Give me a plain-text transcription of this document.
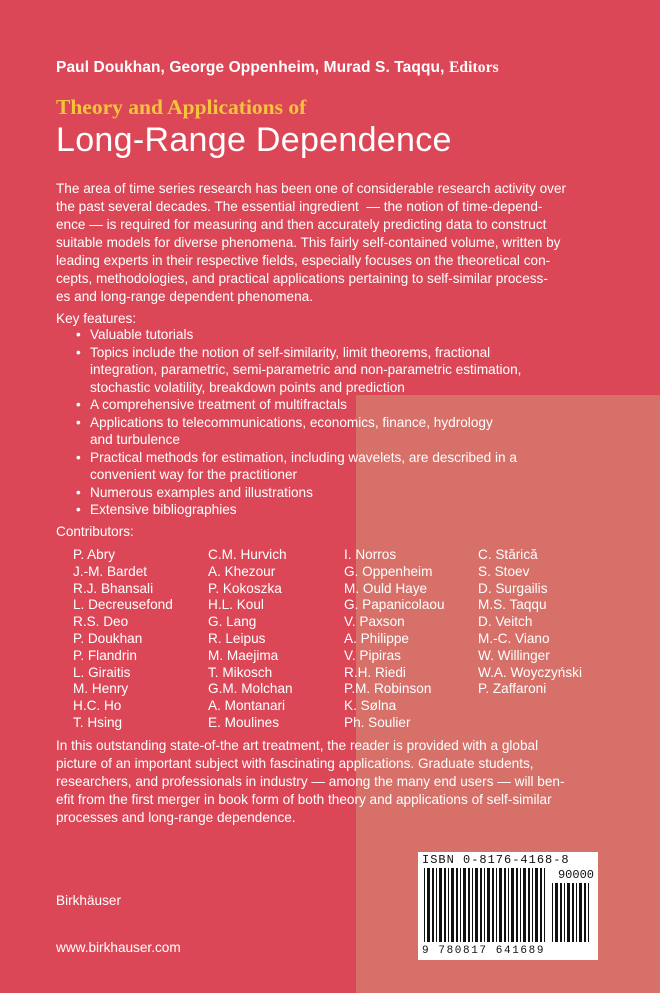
Paul Doukhan, George Oppenheim, Murad S. Taqqu, Editors
Theory and Applications of
Long-Range Dependence

The area of time series research has been one of considerable research activity over

the past several decades. The essential ingredient  — the notion of time-depend-

ence — is required for measuring and then accurately predicting data to construct

suitable models for diverse phenomena. This fairly self-contained volume, written by

leading experts in their respective fields, especially focuses on the theoretical con-

cepts, methodologies, and practical applications pertaining to self-similar process-

es and long-range dependent phenomena.

Key features:
• Valuable tutorials
• Topics include the notion of self-similarity, limit theorems, fractional
integration, parametric, semi-parametric and non-parametric estimation,
stochastic volatility, breakdown points and prediction
• A comprehensive treatment of multifractals
• Applications to telecommunications, economics, finance, hydrology
and turbulence
• Practical methods for estimation, including wavelets, are described in a
convenient way for the practitioner
• Numerous examples and illustrations
• Extensive bibliographies
Contributors:
P. Abry
J.-M. Bardet
R.J. Bhansali
L. Decreusefond
R.S. Deo
P. Doukhan
P. Flandrin
L. Giraitis
M. Henry
H.C. Ho
T. Hsing
C.M. Hurvich
A. Khezour
P. Kokoszka
H.L. Koul
G. Lang
R. Leipus
M. Maejima
T. Mikosch
G.M. Molchan
A. Montanari
E. Moulines
I. Norros
G. Oppenheim
M. Ould Haye
G. Papanicolaou
V. Paxson
A. Philippe
V. Pipiras
R.H. Riedi
P.M. Robinson
K. Sølna
Ph. Soulier
C. Stărică
S. Stoev
D. Surgailis
M.S. Taqqu
D. Veitch
M.-C. Viano
W. Willinger
W.A. Woyczyński
P. Zaffaroni

In this outstanding state-of-the art treatment, the reader is provided with a global

picture of an important subject with fascinating applications. Graduate students,

researchers, and professionals in industry — among the many end users — will ben-

efit from the first merger in book form of both theory and applications of self-similar

processes and long-range dependence.

Birkhäuser
www.birkhauser.com
ISBN 0-8176-4168-8
90000
9 780817 641689
